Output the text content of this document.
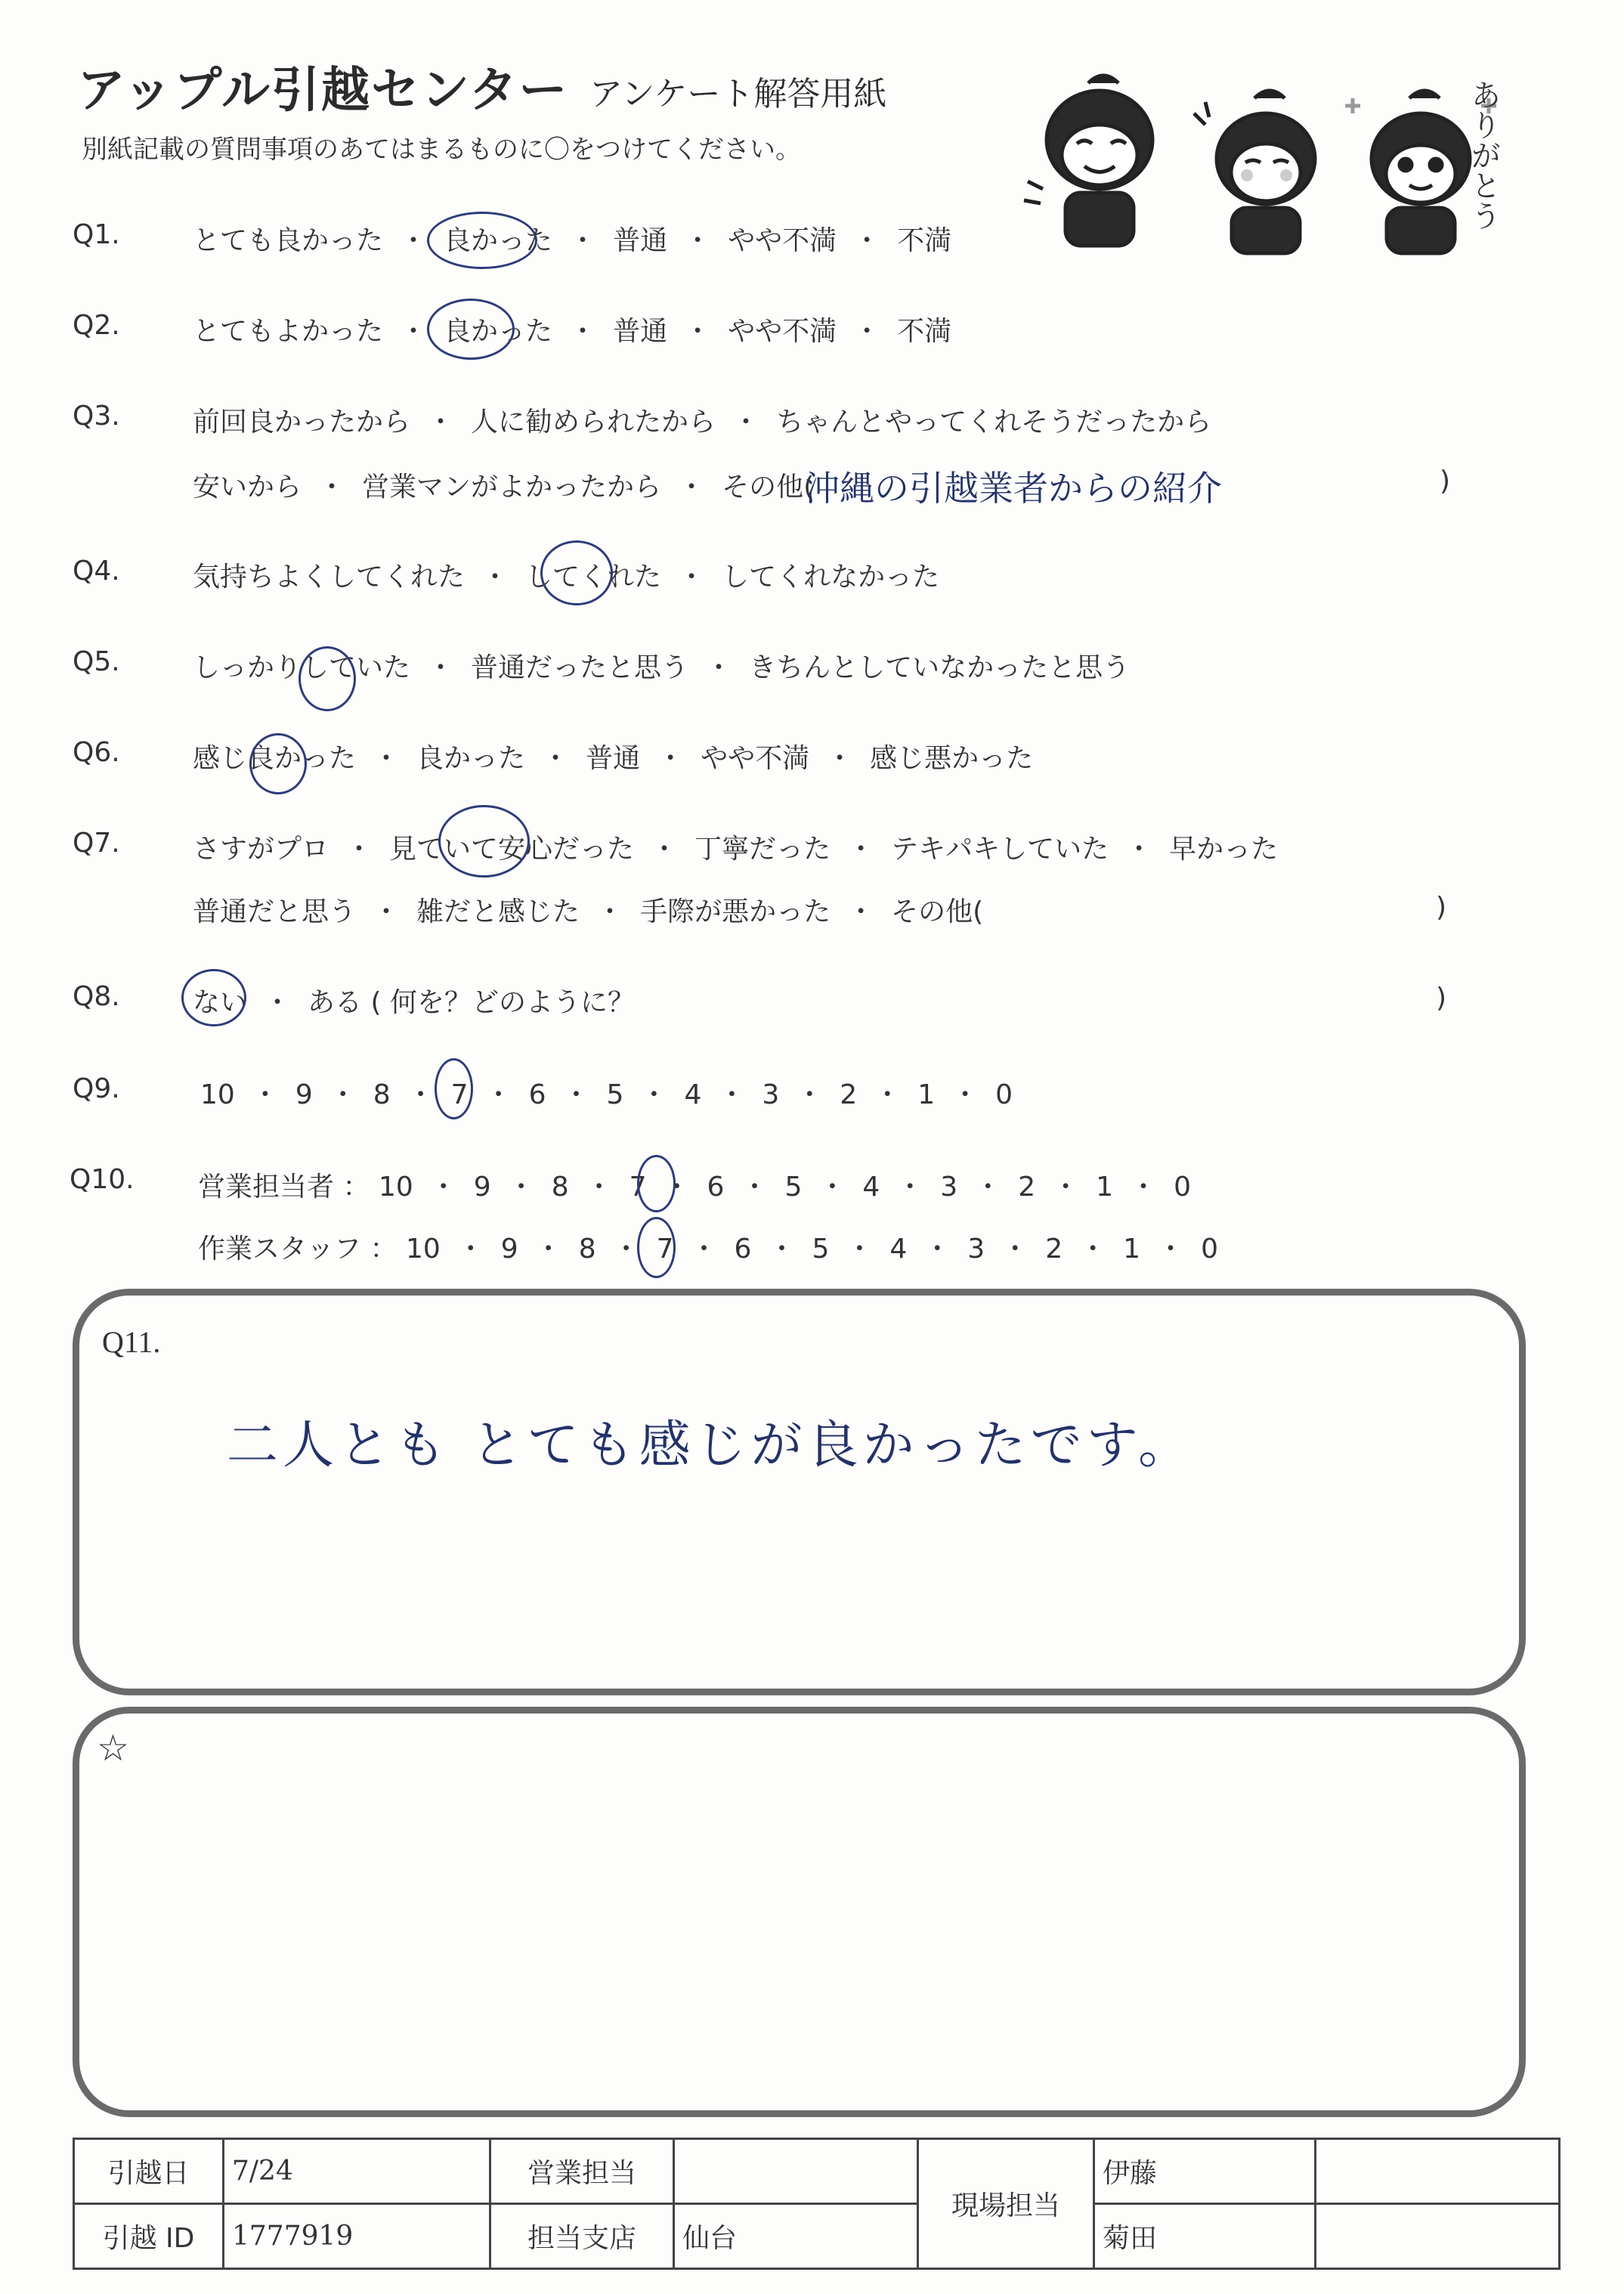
アップル引越センター アンケート解答用紙
別紙記載の質問事項のあてはまるものに〇をつけてください。	ありがとう
Q1.	とても良かった ・ 良かった ・ 普通 ・ やや不満 ・ 不満
Q2.	とてもよかった ・ 良かった ・ 普通 ・ やや不満 ・ 不満
Q3.	前回良かったから ・ 人に勧められたから ・ ちゃんとやってくれそうだったから
安いから ・ 営業マンがよかったから ・ その他(
沖縄の引越業者からの紹介	)
Q4.	気持ちよくしてくれた ・ してくれた ・ してくれなかった
Q5.	しっかりしていた ・ 普通だったと思う ・ きちんとしていなかったと思う
Q6.	感じ良かった ・ 良かった ・ 普通 ・ やや不満 ・ 感じ悪かった
Q7.	さすがプロ ・ 見ていて安心だった ・ 丁寧だった ・ テキパキしていた ・ 早かった
普通だと思う ・ 雑だと感じた ・ 手際が悪かった ・ その他(	)
Q8.	ない ・ ある ( 何を？どのように？	)
Q9.	10 ・ 9 ・ 8 ・ 7 ・ 6 ・ 5 ・ 4 ・ 3 ・ 2 ・ 1 ・ 0
Q10. 営業担当者 ： 10 ・ 9 ・ 8 ・ 7 ・ 6 ・ 5 ・ 4 ・ 3 ・ 2 ・ 1 ・ 0
作業スタッフ ： 10 ・ 9 ・ 8 ・ 7 ・ 6 ・ 5 ・ 4 ・ 3 ・ 2 ・ 1 ・ 0
Q11.
二人とも とても感じが良かったです。
☆
引越日	7/24	営業担当		現場担当	伊藤	
引越 ID	1777919	担当支店	仙台		菊田	
